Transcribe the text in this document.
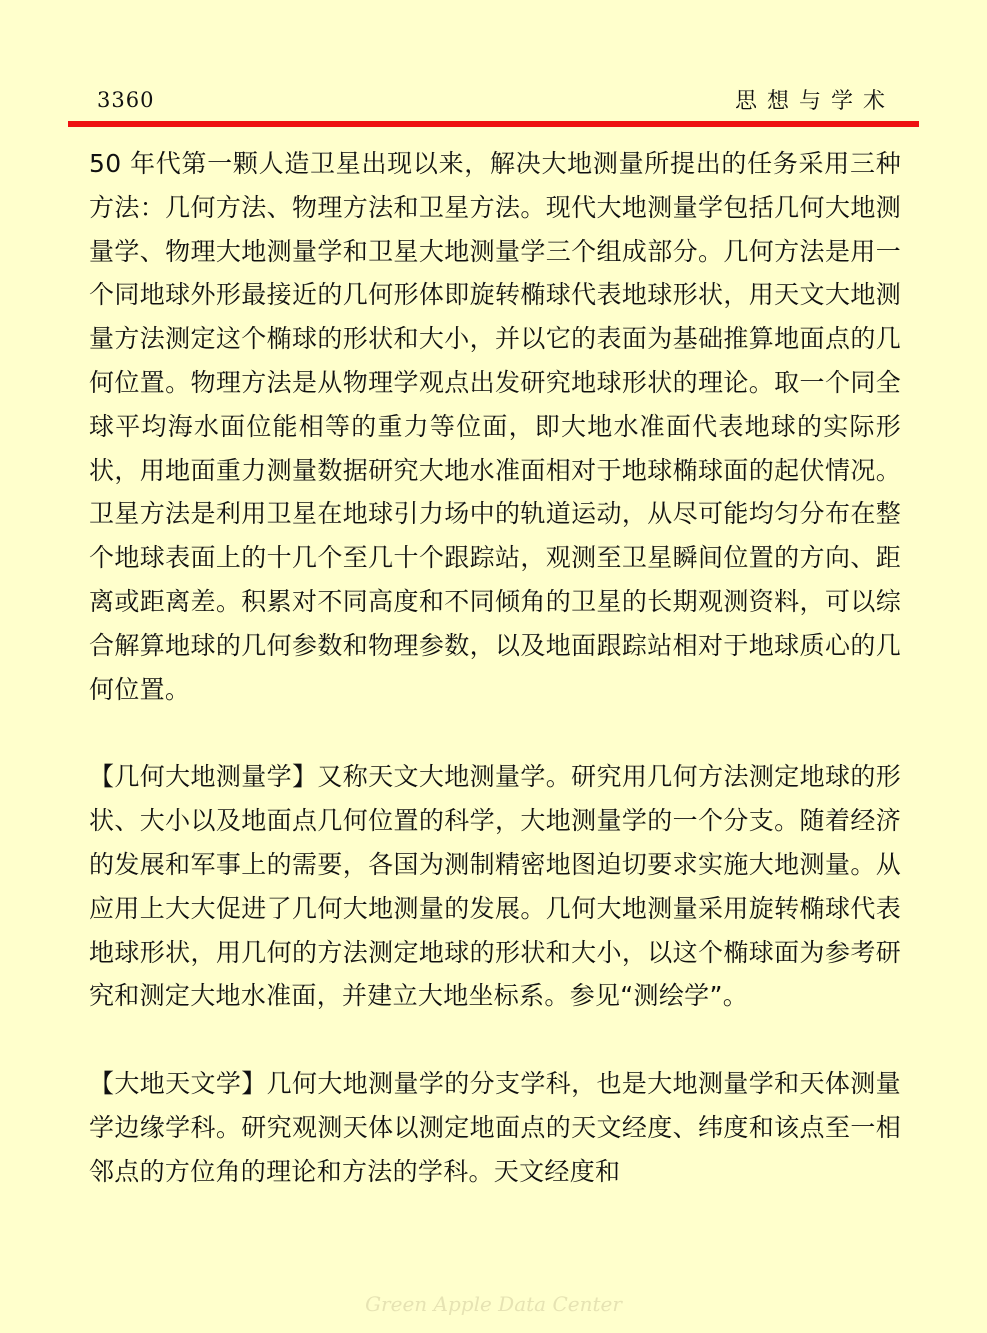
3360	思想与学术

50 年代第一颗人造卫星出现以来，解决大地测量所提出的任务采用三种方法：几何方法、物理方法和卫星方法。现代大地测量学包括几何大地测量学、物理大地测量学和卫星大地测量学三个组成部分。几何方法是用一个同地球外形最接近的几何形体即旋转椭球代表地球形状，用天文大地测量方法测定这个椭球的形状和大小，并以它的表面为基础推算地面点的几何位置。物理方法是从物理学观点出发研究地球形状的理论。取一个同全球平均海水面位能相等的重力等位面，即大地水准面代表地球的实际形状，用地面重力测量数据研究大地水准面相对于地球椭球面的起伏情况。卫星方法是利用卫星在地球引力场中的轨道运动，从尽可能均匀分布在整个地球表面上的十几个至几十个跟踪站，观测至卫星瞬间位置的方向、距离或距离差。积累对不同高度和不同倾角的卫星的长期观测资料，可以综合解算地球的几何参数和物理参数，以及地面跟踪站相对于地球质心的几何位置。

【几何大地测量学】又称天文大地测量学。研究用几何方法测定地球的形状、大小以及地面点几何位置的科学，大地测量学的一个分支。随着经济的发展和军事上的需要，各国为测制精密地图迫切要求实施大地测量。从应用上大大促进了几何大地测量的发展。几何大地测量采用旋转椭球代表地球形状，用几何的方法测定地球的形状和大小，以这个椭球面为参考研究和测定大地水准面，并建立大地坐标系。参见“测绘学”。

【大地天文学】几何大地测量学的分支学科，也是大地测量学和天体测量学边缘学科。研究观测天体以测定地面点的天文经度、纬度和该点至一相邻点的方位角的理论和方法的学科。天文经度和

Green Apple Data Center
